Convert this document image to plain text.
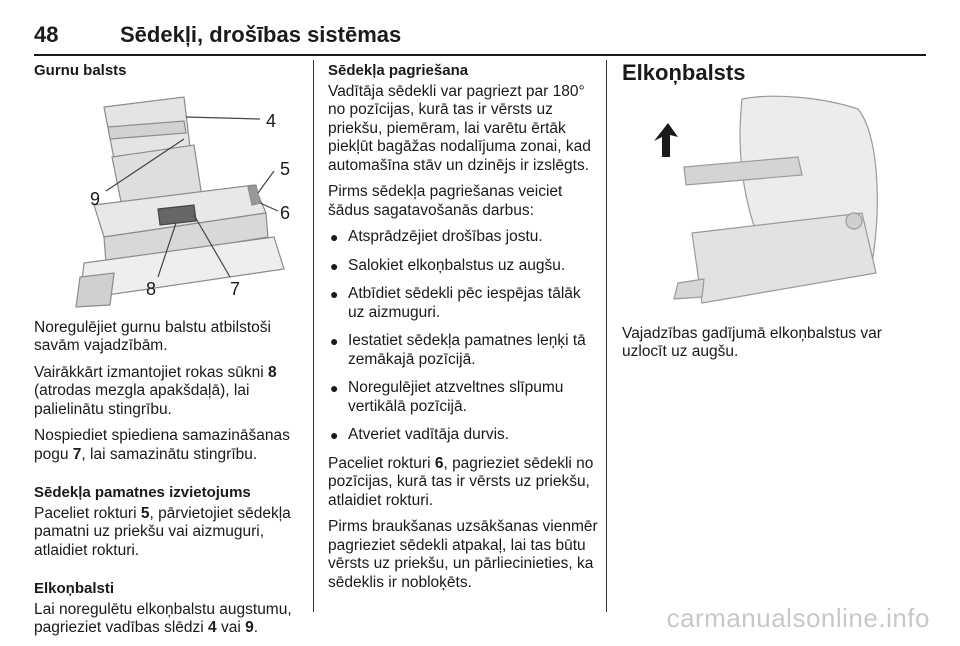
48	Sēdekļi, drošības sistēmas
Gurnu balsts
4
5
6
7
8
9

Noregulējiet gurnu balstu atbilstoši savām vajadzībām.

Vairākkārt izmantojiet rokas sūkni 8 (atrodas mezgla apakšdaļā), lai palielinātu stingrību.

Nospiediet spiediena samazināšanas pogu 7, lai samazinātu stingrību.

Sēdekļa pamatnes izvietojums

Paceliet rokturi 5, pārvietojiet sēdekļa pamatni uz priekšu vai aizmuguri, atlaidiet rokturi.

Elkoņbalsti

Lai noregulētu elkoņbalstu augstumu, pagrieziet vadības slēdzi 4 vai 9.

Sēdekļa pagriešana

Vadītāja sēdekli var pagriezt par 180° no pozīcijas, kurā tas ir vērsts uz priekšu, piemēram, lai varētu ērtāk piekļūt bagāžas nodalījuma zonai, kad automašīna stāv un dzinējs ir izslēgts.

Pirms sēdekļa pagriešanas veiciet šādus sagatavošanās darbus:

● Atsprādzējiet drošības jostu.
● Salokiet elkoņbalstus uz augšu.
● Atbīdiet sēdekli pēc iespējas tālāk uz aizmuguri.
● Iestatiet sēdekļa pamatnes leņķi tā zemākajā pozīcijā.
● Noregulējiet atzveltnes slīpumu vertikālā pozīcijā.
● Atveriet vadītāja durvis.

Paceliet rokturi 6, pagrieziet sēdekli no pozīcijas, kurā tas ir vērsts uz priekšu, atlaidiet rokturi.

Pirms braukšanas uzsākšanas vienmēr pagrieziet sēdekli atpakaļ, lai tas būtu vērsts uz priekšu, un pārliecinieties, ka sēdeklis ir nobloķēts.

Elkoņbalsts

Vajadzības gadījumā elkoņbalstus var uzlocīt uz augšu.

carmanualsonline.info
